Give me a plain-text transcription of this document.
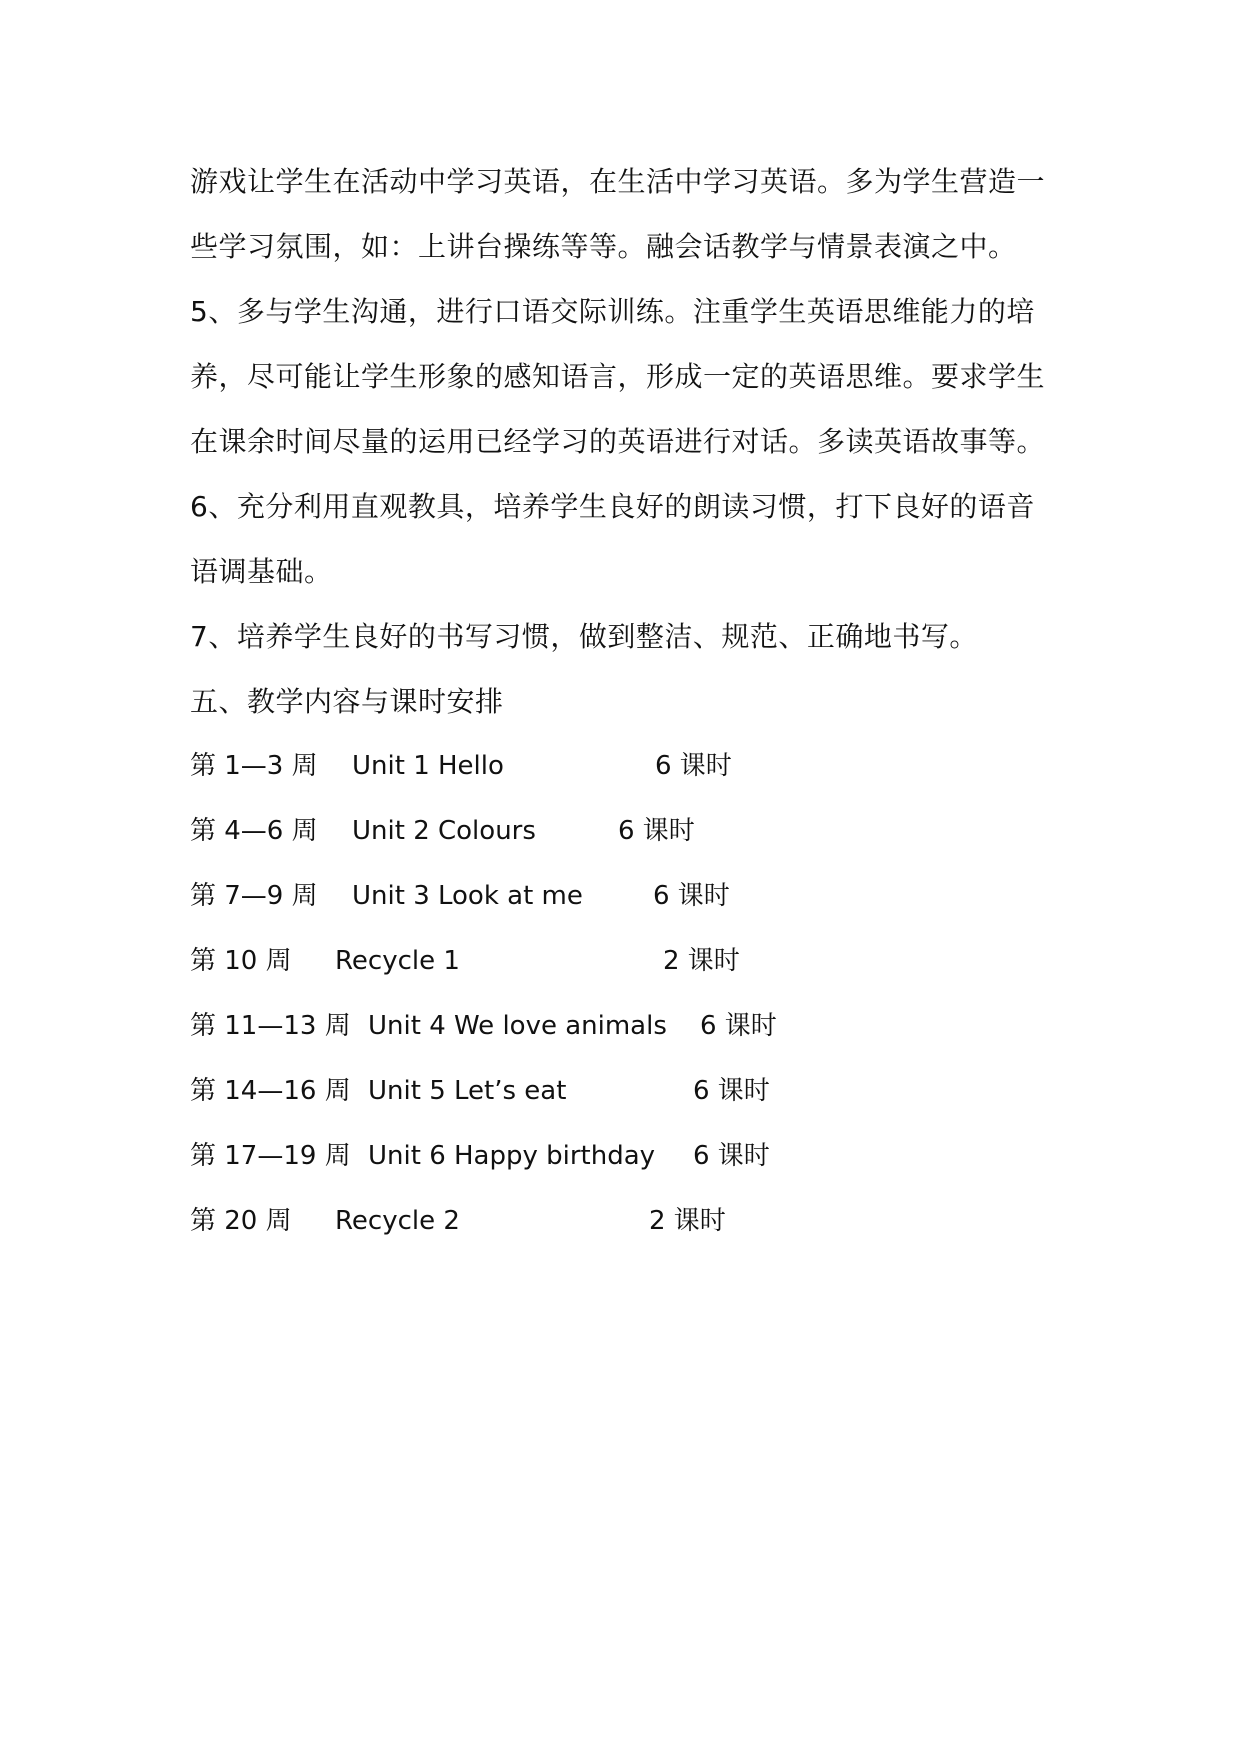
游戏让学生在活动中学习英语，在生活中学习英语。多为学生营造一
些学习氛围，如：上讲台操练等等。融会话教学与情景表演之中。
5、多与学生沟通，进行口语交际训练。注重学生英语思维能力的培
养，尽可能让学生形象的感知语言，形成一定的英语思维。要求学生
在课余时间尽量的运用已经学习的英语进行对话。多读英语故事等。
6、充分利用直观教具，培养学生良好的朗读习惯，打下良好的语音
语调基础。
7、培养学生良好的书写习惯，做到整洁、规范、正确地书写。
五、教学内容与课时安排
第 1—3 周 Unit 1 Hello	6 课时
第 4—6 周 Unit 2 Colours	6 课时
第 7—9 周 Unit 3 Look at me	6 课时
第 10 周 Recycle 1	2 课时
第 11—13 周 Unit 4 We love animals 6 课时
第 14—16 周 Unit 5 Let’s eat	6 课时
第 17—19 周 Unit 6 Happy birthday 6 课时
第 20 周 Recycle 2	2 课时
